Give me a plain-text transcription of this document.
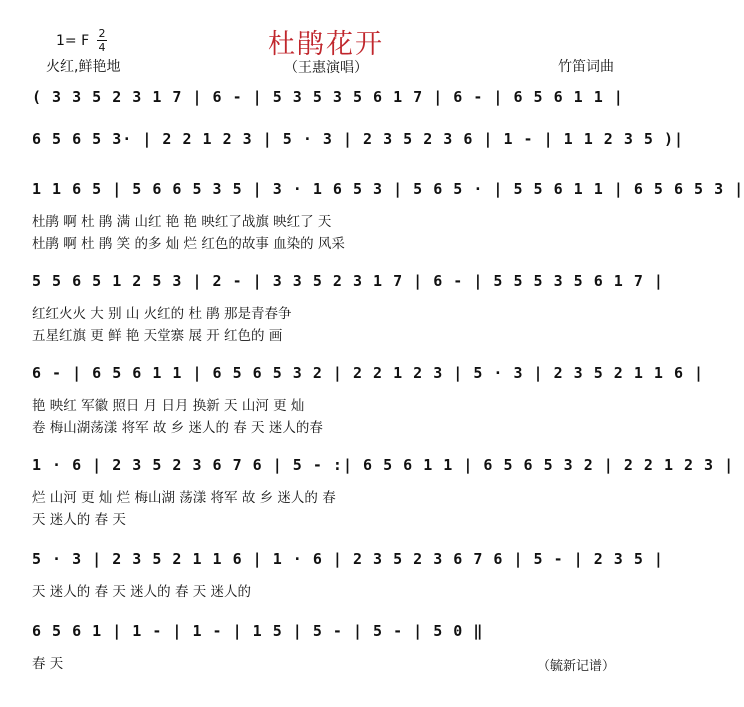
杜鹃花开
1= F 2
4
火红,鲜艳地	（王惠演唱）	竹笛词曲
( 3 3 5 2 3 1 7 | 6 - | 5 3 5 3 5 6 1 7 | 6 - | 6 5 6 1 1 |
6 5 6 5 3· | 2 2 1 2 3 | 5 · 3 | 2 3 5 2 3 6 | 1 - | 1 1 2 3 5 )|
1 1 6 5 | 5 6 6 5 3 5 | 3 · 1 6 5 3 | 5 6 5 · | 5 5 6 1 1 | 6 5 6 5 3 |
杜鹃 啊 杜 鹃 满 山红 艳 艳 映红了战旗 映红了 天
杜鹃 啊 杜 鹃 笑 的多 灿 烂 红色的故事 血染的 风采
5 5 6 5 1 2 5 3 | 2 - | 3 3 5 2 3 1 7 | 6 - | 5 5 5 3 5 6 1 7 |
红红火火 大 别 山 火红的 杜 鹃 那是青春争
五星红旗 更 鲜 艳 天堂寨 展 开 红色的 画
6 - | 6 5 6 1 1 | 6 5 6 5 3 2 | 2 2 1 2 3 | 5 · 3 | 2 3 5 2 1 1 6 |
艳 映红 军徽 照日 月 日月 换新 天 山河 更 灿
卷 梅山湖荡漾 将军 故 乡 迷人的 春 天 迷人的春
1 · 6 | 2 3 5 2 3 6 7 6 | 5 - :| 6 5 6 1 1 | 6 5 6 5 3 2 | 2 2 1 2 3 |
烂 山河 更 灿 烂 梅山湖 荡漾 将军 故 乡 迷人的 春
天 迷人的 春 天
5 · 3 | 2 3 5 2 1 1 6 | 1 · 6 | 2 3 5 2 3 6 7 6 | 5 - | 2 3 5 |
天 迷人的 春 天 迷人的 春 天 迷人的
6 5 6 1 | 1 - | 1 - | 1 5 | 5 - | 5 - | 5 0 ‖
春 天	（毓新记谱）
